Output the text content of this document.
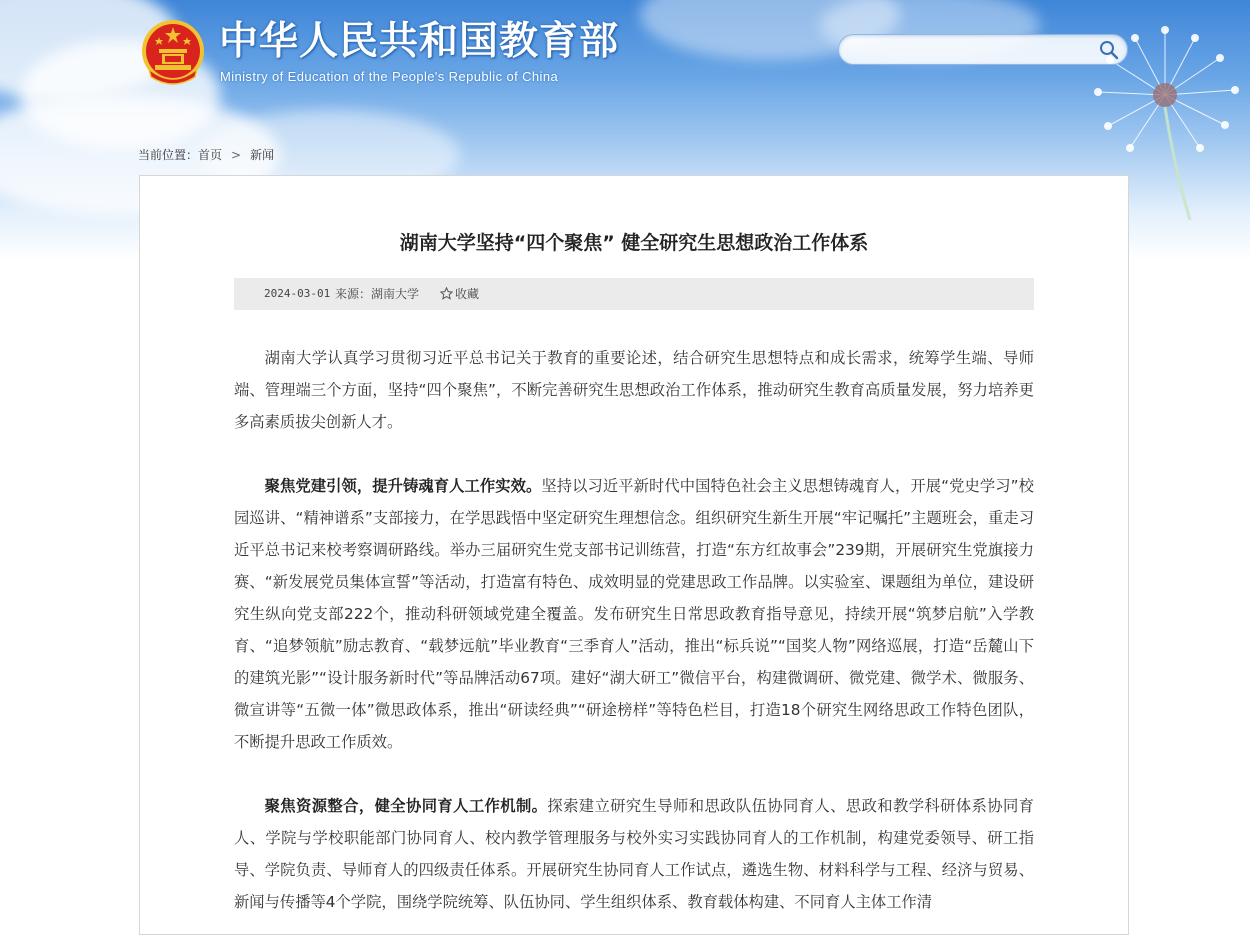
中华人民共和国教育部
Ministry of Education of the People's Republic of China
当前位置：首页 > 新闻
湖南大学坚持“四个聚焦” 健全研究生思想政治工作体系
2024-03-01 来源：湖南大学	收藏

湖南大学认真学习贯彻习近平总书记关于教育的重要论述，结合研究生思想特点和成长需求，统筹学生端、导师端、管理端三个方面，坚持“四个聚焦”，不断完善研究生思想政治工作体系，推动研究生教育高质量发展，努力培养更多高素质拔尖创新人才。

聚焦党建引领，提升铸魂育人工作实效。坚持以习近平新时代中国特色社会主义思想铸魂育人，开展“党史学习”校园巡讲、“精神谱系”支部接力，在学思践悟中坚定研究生理想信念。组织研究生新生开展“牢记嘱托”主题班会，重走习近平总书记来校考察调研路线。举办三届研究生党支部书记训练营，打造“东方红故事会”239期，开展研究生党旗接力赛、“新发展党员集体宣誓”等活动，打造富有特色、成效明显的党建思政工作品牌。以实验室、课题组为单位，建设研究生纵向党支部222个，推动科研领域党建全覆盖。发布研究生日常思政教育指导意见，持续开展“筑梦启航”入学教育、“追梦领航”励志教育、“载梦远航”毕业教育“三季育人”活动，推出“标兵说”“国奖人物”网络巡展，打造“岳麓山下的建筑光影”“设计服务新时代”等品牌活动67项。建好“湖大研工”微信平台，构建微调研、微党建、微学术、微服务、微宣讲等“五微一体”微思政体系，推出“研读经典”“研途榜样”等特色栏目，打造18个研究生网络思政工作特色团队，不断提升思政工作质效。

聚焦资源整合，健全协同育人工作机制。探索建立研究生导师和思政队伍协同育人、思政和教学科研体系协同育人、学院与学校职能部门协同育人、校内教学管理服务与校外实习实践协同育人的工作机制，构建党委领导、研工指导、学院负责、导师育人的四级责任体系。开展研究生协同育人工作试点，遴选生物、材料科学与工程、经济与贸易、新闻与传播等4个学院，围绕学院统筹、队伍协同、学生组织体系、教育载体构建、不同育人主体工作清
